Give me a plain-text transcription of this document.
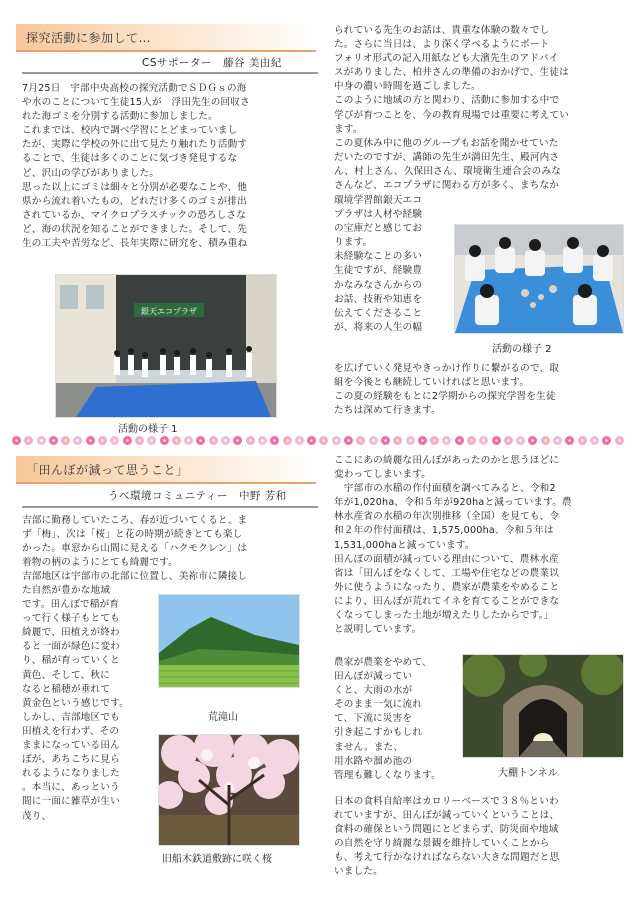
探究活動に参加して…
CSサポーター　藤谷 美由紀

7月25日　宇部中央高校の探究活動でＳＤＧｓの海
や水のことについて生徒15人が　浮田先生の回収さ
れた海ゴミを分別する活動に参加しました。
これまでは、校内で調べ学習にとどまっていまし
たが、実際に学校の外に出て見たり触れたり活動す
ることで、生徒は多くのことに気づき発見するな
ど、沢山の学びがありました。
思った以上にゴミは細々と分別が必要なことや、他
県から流れ着いたもの、どれだけ多くのゴミが排出
されているか、マイクロプラスチックの恐ろしさな
ど、海の状況を知ることができました。そして、先
生の工夫や苦労など、長年実際に研究を、積み重ね

銀天エコプラザ
活動の様子 1

られている先生のお話は、貴重な体験の数々でし
た。さらに当日は、より深く学べるようにポート
フォリオ形式の記入用紙なども大濱先生のアドバイ
スがありました、柏井さんの準備のおかげで、生徒は
中身の濃い時間を過ごしました。
このように地域の方と関わり、活動に参加する中で
学びが育つことを、今の教育現場では重要に考えてい
ます。
この夏休み中に他のグループもお話を聞かせていた
だいたのですが、講師の先生が満田先生、殿河内さ
ん、村上さん、久保田さん、環境衛生連合会のみな
さんなど、エコプラザに関わる方が多く、まちなか

環境学習館銀天エコ
プラザは人材や経験
の宝庫だと感じてお
ります。
未経験なことの多い
生徒ですが、経験豊
かなみなさんからの
お話、技術や知恵を
伝えてくださること
が、将来の人生の幅

活動の様子 2

を広げていく発見やきっかけ作りに繋がるので、取
組を今後とも継続していければと思います。
この夏の経験をもとに2学期からの探究学習を生徒
たちは深めて行きます。

「田んぼが減って思うこと」
うべ環境コミュニティー　中野 芳和

吉部に勤務していたころ、春が近づいてくると、ま
ず「梅」、次は「桜」と花の時期が続きとても楽し
かった。車窓から山間に見える「ハクモクレン」は
着物の柄のようにとても綺麗です。
吉部地区は宇部市の北部に位置し、美祢市に隣接し

た自然が豊かな地域
です。田んぼで稲が育
って行く様子もとても
綺麗で、田植えが終わ
ると一面が緑色に変わ
り、稲が育っていくと
黄色、そして、秋に
なると稲穂が垂れて
黄金色という感じです。
しかし、吉部地区でも
田植えを行わず、その
ままになっている田ん
ぼが、あちこちに見ら
れるようになりました
。本当に、あっという
間に一面に雑草が生い
茂り、

荒滝山
旧船木鉄道敷跡に咲く桜

ここにあの綺麗な田んぼがあったのかと思うほどに
変わってしまいます。
　宇部市の水稲の作付面積を調べてみると、令和2
年が1,020ha、令和５年が920haと減っています。農
林水産省の水稲の年次別推移（全国）を見ても、令
和２年の作付面積は、1,575,000ha、令和５年は
1,531,000haと減っています。
田んぼの面積が減っている理由について、農林水産
省は「田んぼをなくして、工場や住宅などの農業以
外に使うようになったり、農家が農業をやめること
により、田んぼが荒れてイネを育てることができな
くなってしまった土地が増えたりしたからです。」
と説明しています。

農家が農業をやめて、
田んぼが減ってい
くと、大雨の水が
そのまま一気に流れ
て、下流に災害を
引き起こすかもしれ
ません。また、
用水路や溜め池の
管理も難しくなります。	大棚トンネル

日本の食料自給率はカロリーベースで３８％といわ
れていますが、田んぼが減っていくということは、
食料の確保という問題にとどまらず、防災面や地域
の自然を守り綺麗な景観を維持していくことから
も、考えて行かなければならない大きな問題だと思
いました。
